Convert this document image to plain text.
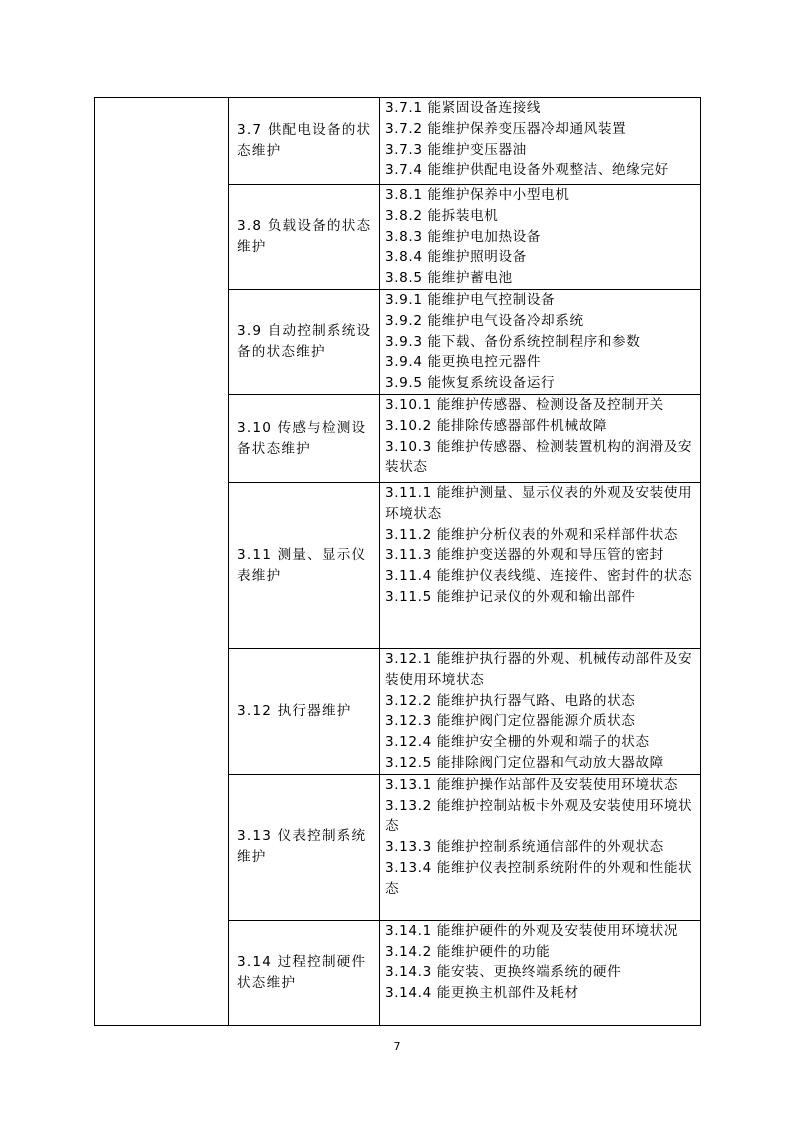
	3.7 供配电设备的状态维护	3.7.1 能紧固设备连接线
3.7.2 能维护保养变压器冷却通风装置
3.7.3 能维护变压器油
3.7.4 能维护供配电设备外观整洁、绝缘完好

	3.8 负载设备的状态维护	3.8.1 能维护保养中小型电机
3.8.2 能拆装电机
3.8.3 能维护电加热设备
3.8.4 能维护照明设备
3.8.5 能维护蓄电池

	3.9 自动控制系统设备的状态维护	3.9.1 能维护电气控制设备
3.9.2 能维护电气设备冷却系统
3.9.3 能下载、备份系统控制程序和参数
3.9.4 能更换电控元器件
3.9.5 能恢复系统设备运行

	3.10 传感与检测设备状态维护	3.10.1 能维护传感器、检测设备及控制开关
3.10.2 能排除传感器部件机械故障
3.10.3 能维护传感器、检测装置机构的润滑及安装状态

	3.11 测量、显示仪表维护	3.11.1 能维护测量、显示仪表的外观及安装使用环境状态
3.11.2 能维护分析仪表的外观和采样部件状态
3.11.3 能维护变送器的外观和导压管的密封
3.11.4 能维护仪表线缆、连接件、密封件的状态
3.11.5 能维护记录仪的外观和输出部件

	3.12 执行器维护	3.12.1 能维护执行器的外观、机械传动部件及安装使用环境状态
3.12.2 能维护执行器气路、电路的状态
3.12.3 能维护阀门定位器能源介质状态
3.12.4 能维护安全栅的外观和端子的状态
3.12.5 能排除阀门定位器和气动放大器故障

	3.13 仪表控制系统维护	3.13.1 能维护操作站部件及安装使用环境状态
3.13.2 能维护控制站板卡外观及安装使用环境状态
3.13.3 能维护控制系统通信部件的外观状态
3.13.4 能维护仪表控制系统附件的外观和性能状态

	3.14 过程控制硬件状态维护	3.14.1 能维护硬件的外观及安装使用环境状况
3.14.2 能维护硬件的功能
3.14.3 能安装、更换终端系统的硬件
3.14.4 能更换主机部件及耗材
7
